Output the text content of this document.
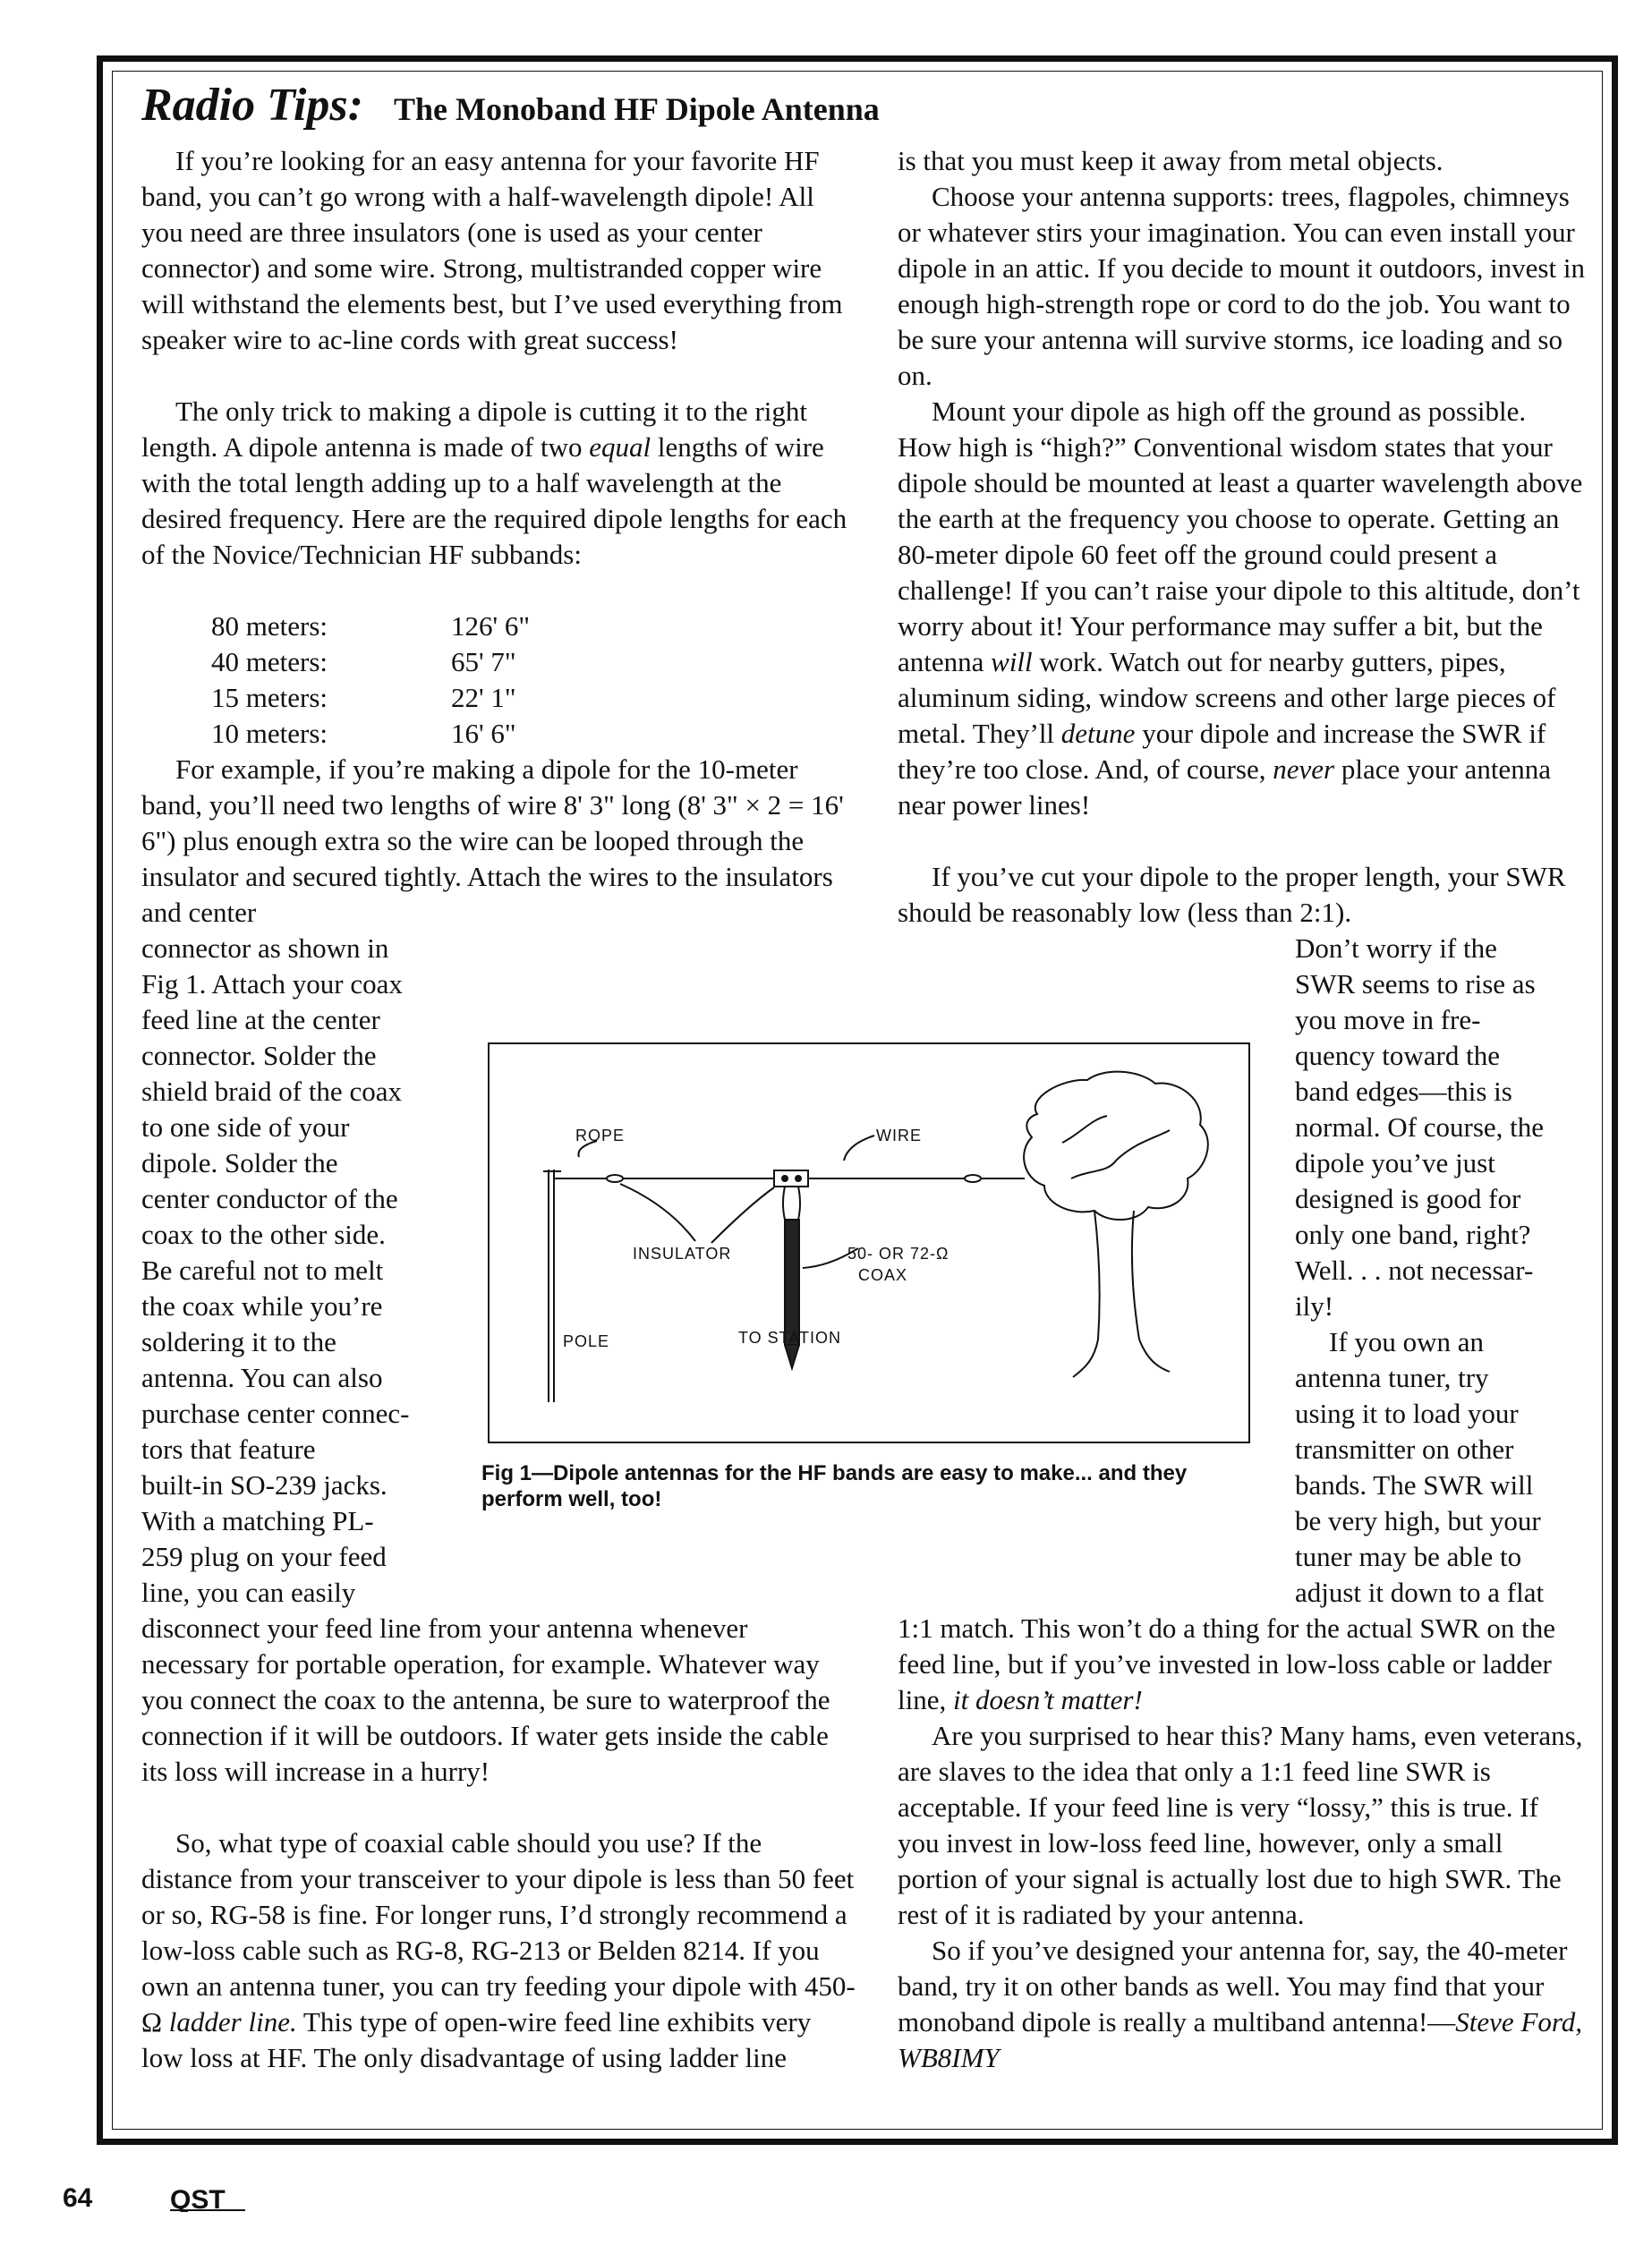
Radio Tips: The Monoband HF Dipole Antenna

If you’re looking for an easy antenna for your favorite HF band, you can’t go wrong with a half-wavelength dipole! All you need are three insulators (one is used as your center connector) and some wire. Strong, multistranded copper wire will withstand the elements best, but I’ve used everything from speaker wire to ac-line cords with great success!

The only trick to making a dipole is cutting it to the right length. A dipole antenna is made of two equal lengths of wire with the total length adding up to a half wavelength at the desired frequency. Here are the required dipole lengths for each of the Novice/Technician HF subbands:

80 meters:	126' 6"
40 meters:	65' 7"
15 meters:	22' 1"
10 meters:	16' 6"

For example, if you’re making a dipole for the 10-meter band, you’ll need two lengths of wire 8' 3" long (8' 3" × 2 = 16' 6") plus enough extra so the wire can be looped through the insulator and secured tightly. Attach the wires to the insulators and center

connector as shown in
Fig 1. Attach your coax
feed line at the center
connector. Solder the
shield braid of the coax
to one side of your
dipole. Solder the
center conductor of the
coax to the other side.
Be careful not to melt
the coax while you’re
soldering it to the
antenna. You can also
purchase center connec-
tors that feature
built-in SO-239 jacks.
With a matching PL-
259 plug on your feed
line, you can easily

disconnect your feed line from your antenna whenever necessary for portable operation, for example. Whatever way you connect the coax to the antenna, be sure to waterproof the connection if it will be outdoors. If water gets inside the cable its loss will increase in a hurry!

So, what type of coaxial cable should you use? If the distance from your transceiver to your dipole is less than 50 feet or so, RG-58 is fine. For longer runs, I’d strongly recommend a low-loss cable such as RG-8, RG-213 or Belden 8214. If you own an antenna tuner, you can try feeding your dipole with 450-Ω ladder line. This type of open-wire feed line exhibits very low loss at HF. The only disadvantage of using ladder line

is that you must keep it away from metal objects.

Choose your antenna supports: trees, flagpoles, chimneys or whatever stirs your imagination. You can even install your dipole in an attic. If you decide to mount it outdoors, invest in enough high-strength rope or cord to do the job. You want to be sure your antenna will survive storms, ice loading and so on.

Mount your dipole as high off the ground as possible. How high is “high?” Conventional wisdom states that your dipole should be mounted at least a quarter wavelength above the earth at the frequency you choose to operate. Getting an 80-meter dipole 60 feet off the ground could present a challenge! If you can’t raise your dipole to this altitude, don’t worry about it! Your performance may suffer a bit, but the antenna will work. Watch out for nearby gutters, pipes, aluminum siding, window screens and other large pieces of metal. They’ll detune your dipole and increase the SWR if they’re too close. And, of course, never place your antenna near power lines!

If you’ve cut your dipole to the proper length, your SWR should be reasonably low (less than 2:1).

Don’t worry if the
SWR seems to rise as
you move in fre-
quency toward the
band edges—this is
normal. Of course, the
dipole you’ve just
designed is good for
only one band, right?
Well. . . not necessar-
ily!
If you own an
antenna tuner, try
using it to load your
transmitter on other
bands. The SWR will
be very high, but your
tuner may be able to
adjust it down to a flat

1:1 match. This won’t do a thing for the actual SWR on the feed line, but if you’ve invested in low-loss cable or ladder line, it doesn’t matter!

Are you surprised to hear this? Many hams, even veterans, are slaves to the idea that only a 1:1 feed line SWR is acceptable. If your feed line is very “lossy,” this is true. If you invest in low-loss feed line, however, only a small portion of your signal is actually lost due to high SWR. The rest of it is radiated by your antenna.

So if you’ve designed your antenna for, say, the 40-meter band, try it on other bands as well. You may find that your monoband dipole is really a multiband antenna!—Steve Ford, WB8IMY

ROPE	WIRE
INSULATOR	50- OR 72-Ω
COAX
POLE	TO STATION
Fig 1—Dipole antennas for the HF bands are easy to make... and they perform well, too!
64	QST
